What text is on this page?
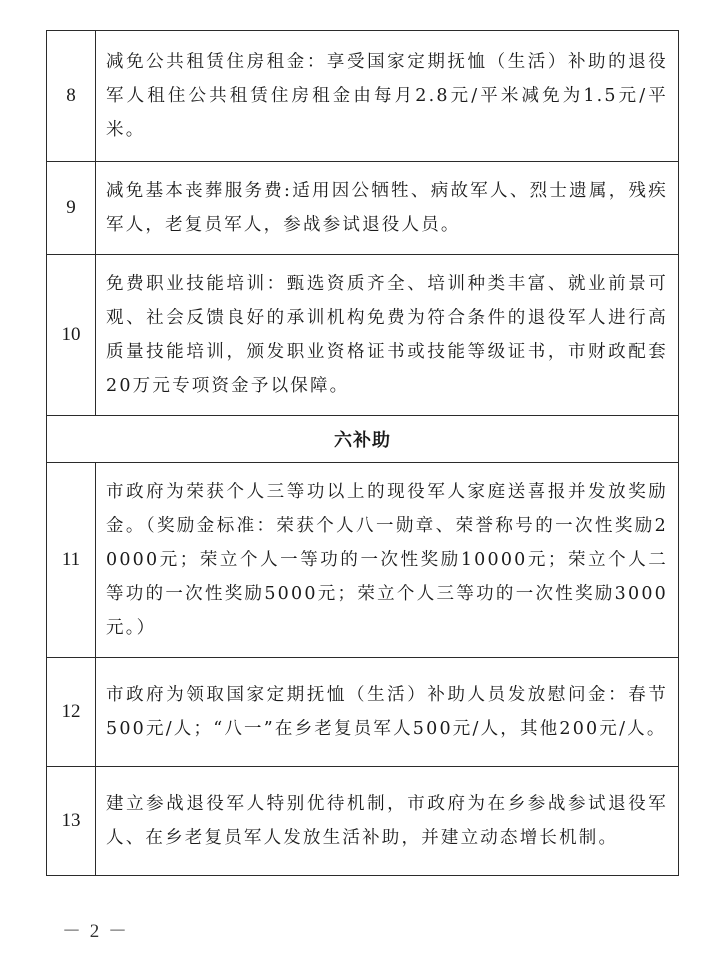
8	减免公共租赁住房租金：享受国家定期抚恤（生活）补助的退役军人租住公共租赁住房租金由每月2.8元/平米减免为1.5元/平米。
9	减免基本丧葬服务费:适用因公牺牲、病故军人、烈士遗属，残疾军人，老复员军人，参战参试退役人员。
10	免费职业技能培训：甄选资质齐全、培训种类丰富、就业前景可观、社会反馈良好的承训机构免费为符合条件的退役军人进行高质量技能培训，颁发职业资格证书或技能等级证书，市财政配套20万元专项资金予以保障。
六补助	
11	市政府为荣获个人三等功以上的现役军人家庭送喜报并发放奖励金。（奖励金标准：荣获个人八一勋章、荣誉称号的一次性奖励20000元；荣立个人一等功的一次性奖励10000元；荣立个人二等功的一次性奖励5000元；荣立个人三等功的一次性奖励3000元。）
12	市政府为领取国家定期抚恤（生活）补助人员发放慰问金：春节500元/人；“八一”在乡老复员军人500元/人，其他200元/人。
13	建立参战退役军人特别优待机制，市政府为在乡参战参试退役军人、在乡老复员军人发放生活补助，并建立动态增长机制。
－ 2 －
